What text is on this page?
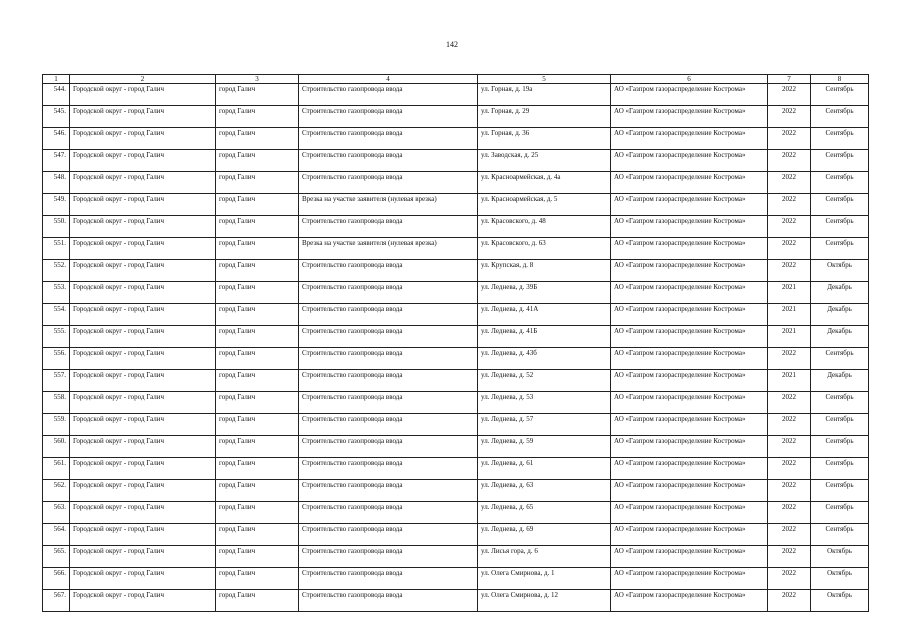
142
1	2	3	4	5	6	7	8
544.	Городской округ - город Галич	город Галич	Строительство газопровода ввода	ул. Горная, д. 19а	АО «Газпром газораспределение Кострома»	2022	Сентябрь
545.	Городской округ - город Галич	город Галич	Строительство газопровода ввода	ул. Горная, д. 29	АО «Газпром газораспределение Кострома»	2022	Сентябрь
546.	Городской округ - город Галич	город Галич	Строительство газопровода ввода	ул. Горная, д. 36	АО «Газпром газораспределение Кострома»	2022	Сентябрь
547.	Городской округ - город Галич	город Галич	Строительство газопровода ввода	ул. Заводская, д. 25	АО «Газпром газораспределение Кострома»	2022	Сентябрь
548.	Городской округ - город Галич	город Галич	Строительство газопровода ввода	ул. Красноармейская, д. 4а	АО «Газпром газораспределение Кострома»	2022	Сентябрь
549.	Городской округ - город Галич	город Галич	Врезка на участке заявителя (нулевая врезка)	ул. Красноармейская, д. 5	АО «Газпром газораспределение Кострома»	2022	Сентябрь
550.	Городской округ - город Галич	город Галич	Строительство газопровода ввода	ул. Красовского, д. 48	АО «Газпром газораспределение Кострома»	2022	Сентябрь
551.	Городской округ - город Галич	город Галич	Врезка на участке заявителя (нулевая врезка)	ул. Красовского, д. 63	АО «Газпром газораспределение Кострома»	2022	Сентябрь
552.	Городской округ - город Галич	город Галич	Строительство газопровода ввода	ул. Крупская, д. 8	АО «Газпром газораспределение Кострома»	2022	Октябрь
553.	Городской округ - город Галич	город Галич	Строительство газопровода ввода	ул. Леднева, д. 39Б	АО «Газпром газораспределение Кострома»	2021	Декабрь
554.	Городской округ - город Галич	город Галич	Строительство газопровода ввода	ул. Леднева, д. 41А	АО «Газпром газораспределение Кострома»	2021	Декабрь
555.	Городской округ - город Галич	город Галич	Строительство газопровода ввода	ул. Леднева, д. 41Б	АО «Газпром газораспределение Кострома»	2021	Декабрь
556.	Городской округ - город Галич	город Галич	Строительство газопровода ввода	ул. Леднева, д. 43б	АО «Газпром газораспределение Кострома»	2022	Сентябрь
557.	Городской округ - город Галич	город Галич	Строительство газопровода ввода	ул. Леднева, д. 52	АО «Газпром газораспределение Кострома»	2021	Декабрь
558.	Городской округ - город Галич	город Галич	Строительство газопровода ввода	ул. Леднева, д. 53	АО «Газпром газораспределение Кострома»	2022	Сентябрь
559.	Городской округ - город Галич	город Галич	Строительство газопровода ввода	ул. Леднева, д. 57	АО «Газпром газораспределение Кострома»	2022	Сентябрь
560.	Городской округ - город Галич	город Галич	Строительство газопровода ввода	ул. Леднева, д. 59	АО «Газпром газораспределение Кострома»	2022	Сентябрь
561.	Городской округ - город Галич	город Галич	Строительство газопровода ввода	ул. Леднева, д. 61	АО «Газпром газораспределение Кострома»	2022	Сентябрь
562.	Городской округ - город Галич	город Галич	Строительство газопровода ввода	ул. Леднева, д. 63	АО «Газпром газораспределение Кострома»	2022	Сентябрь
563.	Городской округ - город Галич	город Галич	Строительство газопровода ввода	ул. Леднева, д. 65	АО «Газпром газораспределение Кострома»	2022	Сентябрь
564.	Городской округ - город Галич	город Галич	Строительство газопровода ввода	ул. Леднева, д. 69	АО «Газпром газораспределение Кострома»	2022	Сентябрь
565.	Городской округ - город Галич	город Галич	Строительство газопровода ввода	ул. Лисья гора, д. 6	АО «Газпром газораспределение Кострома»	2022	Октябрь
566.	Городской округ - город Галич	город Галич	Строительство газопровода ввода	ул. Олега Смирнова, д. 1	АО «Газпром газораспределение Кострома»	2022	Октябрь
567.	Городской округ - город Галич	город Галич	Строительство газопровода ввода	ул. Олега Смирнова, д. 12	АО «Газпром газораспределение Кострома»	2022	Октябрь
